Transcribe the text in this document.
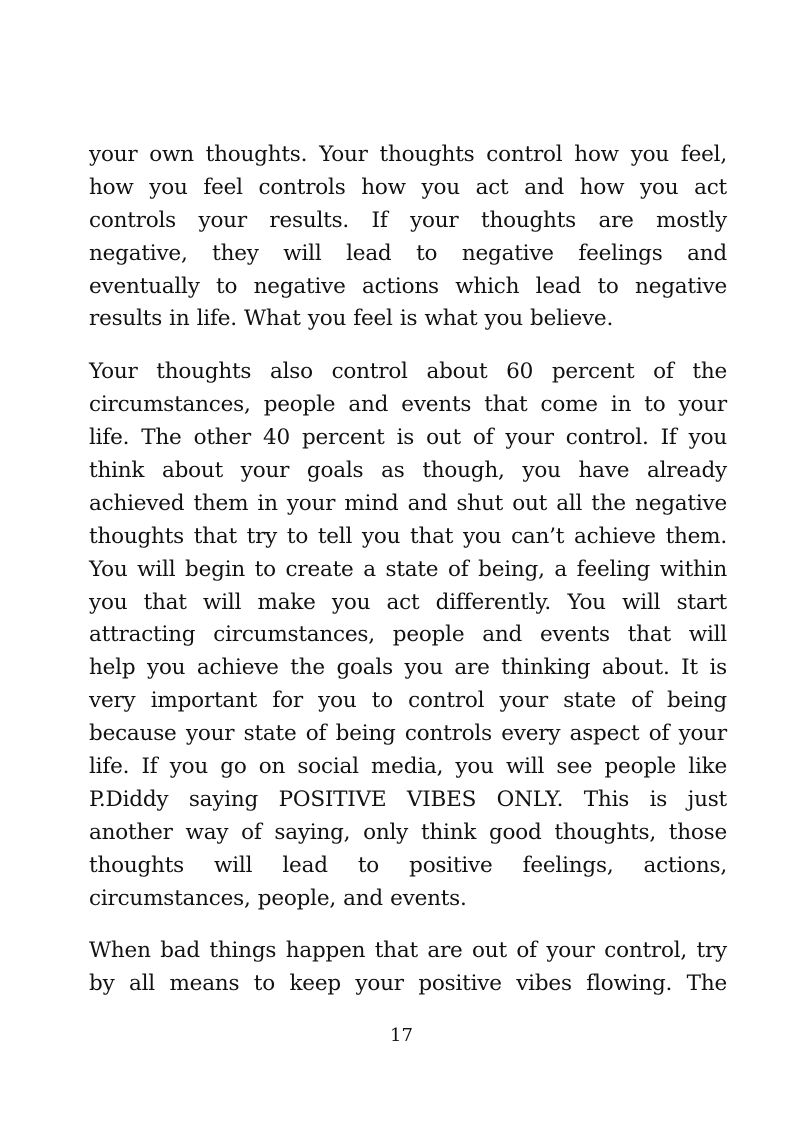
your own thoughts. Your thoughts control how you feel,
how you feel controls how you act and how you act
controls your results. If your thoughts are mostly
negative, they will lead to negative feelings and
eventually to negative actions which lead to negative
results in life. What you feel is what you believe.

Your thoughts also control about 60 percent of the
circumstances, people and events that come in to your
life. The other 40 percent is out of your control. If you
think about your goals as though, you have already
achieved them in your mind and shut out all the negative
thoughts that try to tell you that you can’t achieve them.
You will begin to create a state of being, a feeling within
you that will make you act differently. You will start
attracting circumstances, people and events that will
help you achieve the goals you are thinking about. It is
very important for you to control your state of being
because your state of being controls every aspect of your
life. If you go on social media, you will see people like
P.Diddy saying POSITIVE VIBES ONLY. This is just
another way of saying, only think good thoughts, those
thoughts will lead to positive feelings, actions,
circumstances, people, and events.

When bad things happen that are out of your control, try
by all means to keep your positive vibes flowing. The

17
